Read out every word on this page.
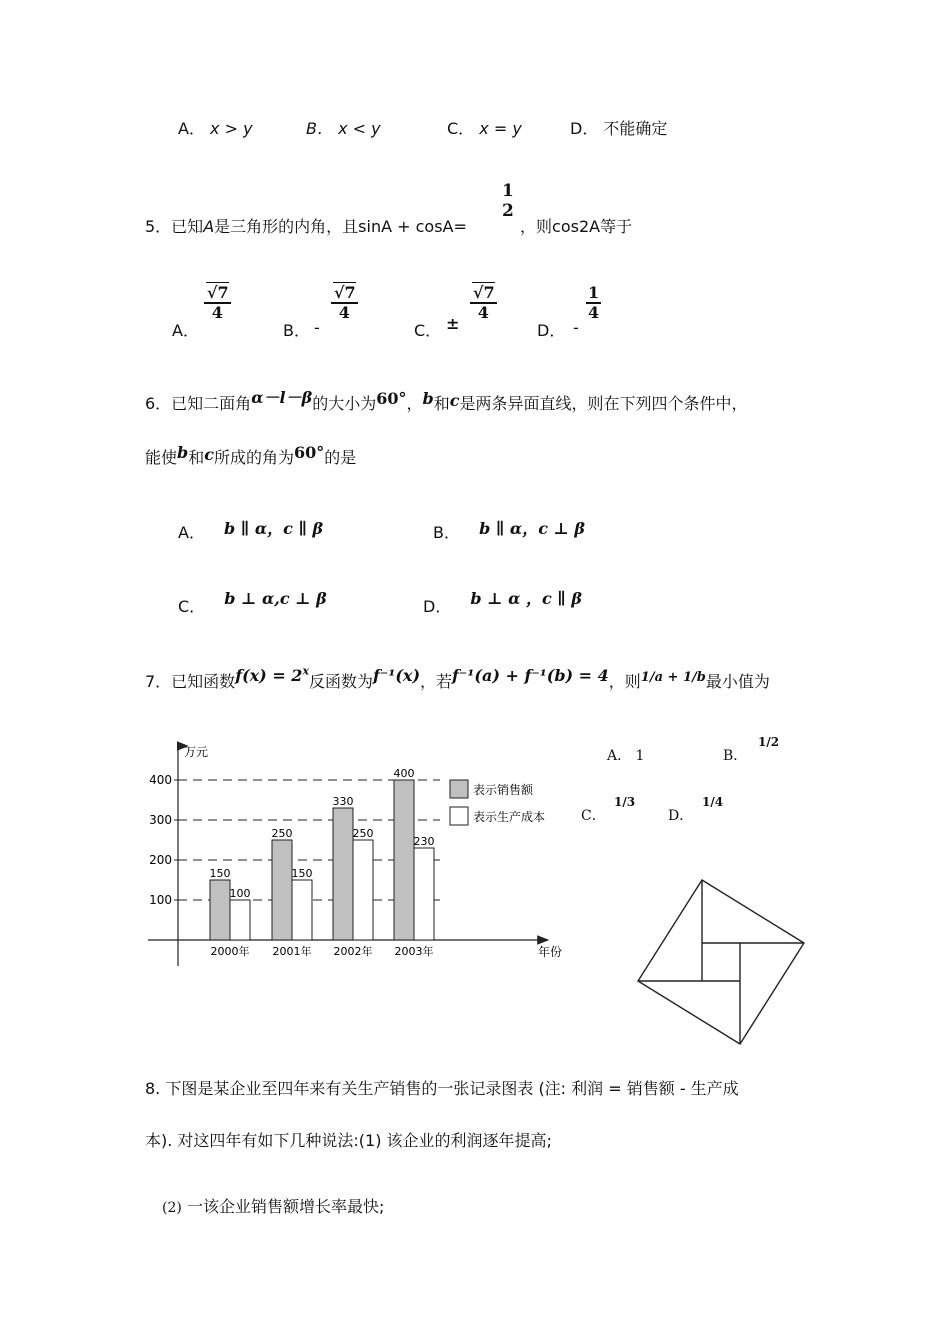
A． x > y	B． x < y	C． x = y	D． 不能确定
5．已知A是三角形的内角，且sinA + cosA=
1
2
，则cos2A等于
A．
$\frac{√7}{4}$
B． -
$\frac{√7}{4}$
C． ±
$\frac{√7}{4}$
D． -
$\frac{1}{4}$
6．已知二面角α－l－β的大小为60°，b和c是两条异面直线，则在下列四个条件中，
能使b和c所成的角为60°的是
A． b ∥ α，c ∥ β	B． b ∥ α，c ⊥ β
C． b ⊥ α,c ⊥ β	D． b ⊥ α ，c ∥ β
7．已知函数$f(x) = 2^x$反函数为f⁻¹(x)，若f⁻¹(a) + f⁻¹(b) = 4，则$^{1/a + 1/b}$最小值为
A． 1	B．
1/2
C．
1/3
D．
1/4
万元
年份
100
200
300
400
150
100
2000年
250
150
2001年
330
250
2002年
400
230
2003年
表示销售额
表示生产成本
8. 下图是某企业至四年来有关生产销售的一张记录图表 (注: 利润 = 销售额 - 生产成
本). 对这四年有如下几种说法:(1) 该企业的利润逐年提高;
(2) 一该企业销售额增长率最快;
